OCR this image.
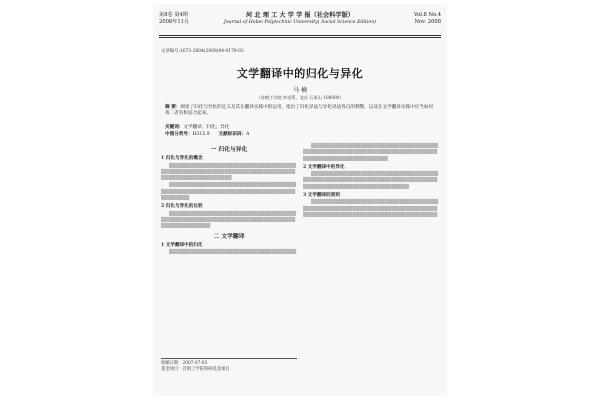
第8卷 第4期
2008年11月
河 北 理 工 大 学 学 报（社会科学版）
Journal of Hebei Polytechnic University( Social Science Edition)
Vol.8 No.4
Nov. 2008
文章编号:1673-2804(2008)04-0178-02
文学翻译中的归化与异化
马 楠
（首钢工学院 外语系，北京 石景山 100000）
摘 要：阐述了归化与异化的定义及其在翻译实践中的运用，指出了归化译法与异化译法各自的利弊，以及在文学翻译实践中应当如何将二者有机结合起来。
关键词：文学翻译；归化；异化
中图分类号：H315.9 文献标识码：A
一 归化与异化
1 归化与异化的概念
▒▒▒▒▒▒▒▒▒▒▒▒▒▒▒▒▒▒▒▒▒▒▒▒▒▒▒▒▒▒▒▒▒▒▒▒▒▒▒▒▒▒▒▒▒▒▒▒▒▒▒▒▒▒▒▒▒▒▒▒▒▒▒▒▒▒▒▒▒▒▒▒▒▒▒▒▒▒▒▒▒▒▒▒▒▒▒▒▒▒▒▒▒▒
▒▒▒▒▒▒▒▒▒▒▒▒▒▒▒▒▒▒▒▒▒▒▒▒▒▒▒▒▒▒▒▒▒▒▒▒▒▒▒▒▒▒▒▒▒▒▒▒▒▒▒▒▒▒▒▒▒▒▒▒▒▒▒▒▒▒▒▒▒▒▒▒▒▒▒▒▒▒▒▒▒▒
2 归化与异化的比较
▒▒▒▒▒▒▒▒▒▒▒▒▒▒▒▒▒▒▒▒▒▒▒▒▒▒▒▒▒▒▒▒▒▒▒▒▒▒▒▒▒▒▒▒▒▒▒▒▒▒▒▒▒▒▒▒▒▒▒▒▒▒▒▒▒▒▒▒▒▒▒▒▒▒▒▒▒▒▒▒▒▒▒▒▒▒▒▒
二 文学翻译
1 文学翻译中的归化
▒▒▒▒▒▒▒▒▒▒▒▒▒▒▒▒▒▒▒▒▒▒▒▒▒▒▒▒▒▒▒▒▒▒▒▒
▒▒▒▒▒▒▒▒▒▒▒▒▒▒▒▒▒▒▒▒▒▒▒▒▒▒▒▒▒▒▒▒▒▒▒▒▒▒▒▒▒▒▒▒▒▒▒▒▒▒▒▒▒▒▒▒▒▒▒▒▒▒▒▒▒▒▒▒▒▒▒▒▒▒▒▒▒▒▒▒▒▒▒▒▒▒▒▒▒▒▒▒▒▒▒▒▒▒
2 文学翻译中的异化
▒▒▒▒▒▒▒▒▒▒▒▒▒▒▒▒▒▒▒▒▒▒▒▒▒▒▒▒▒▒▒▒▒▒▒▒▒▒▒▒▒▒▒▒▒▒▒▒▒▒▒▒▒▒▒▒▒▒▒▒▒▒▒▒▒▒▒▒▒▒▒▒▒▒▒▒▒▒▒▒▒▒▒▒▒▒▒▒▒▒▒▒▒▒▒▒▒▒▒▒▒▒▒▒
3 文学翻译的原则
▒▒▒▒▒▒▒▒▒▒▒▒▒▒▒▒▒▒▒▒▒▒▒▒▒▒▒▒▒▒▒▒▒▒▒▒▒▒▒▒▒▒▒▒▒▒▒▒▒▒▒▒▒▒▒▒▒▒▒▒▒▒▒▒▒▒▒▒▒▒▒▒▒▒▒▒▒▒▒▒▒▒▒▒▒▒▒▒▒▒▒▒▒▒▒▒▒▒▒▒▒▒▒▒▒▒▒▒▒▒▒▒
收稿日期：2007-07-03
基金项目：首钢工学院科研基金项目
